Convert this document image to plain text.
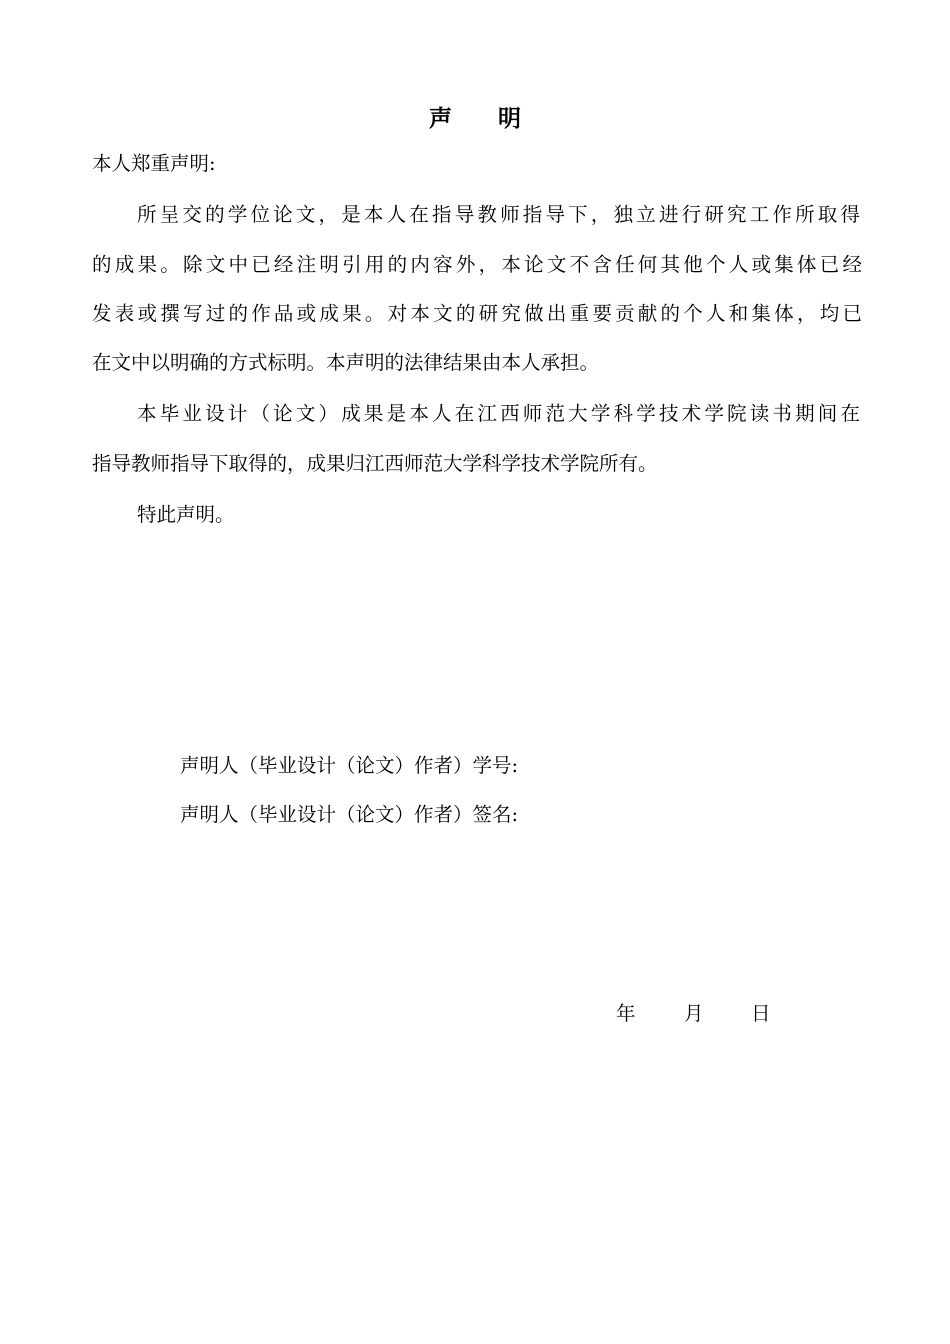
声明
本人郑重声明:
所呈交的学位论文，是本人在指导教师指导下，独立进行研究工作所取得
的成果。除文中已经注明引用的内容外，本论文不含任何其他个人或集体已经
发表或撰写过的作品或成果。对本文的研究做出重要贡献的个人和集体，均已
在文中以明确的方式标明。本声明的法律结果由本人承担。
本毕业设计（论文）成果是本人在江西师范大学科学技术学院读书期间在
指导教师指导下取得的，成果归江西师范大学科学技术学院所有。
特此声明。
声明人（毕业设计（论文）作者）学号:
声明人（毕业设计（论文）作者）签名:
年 月 日
